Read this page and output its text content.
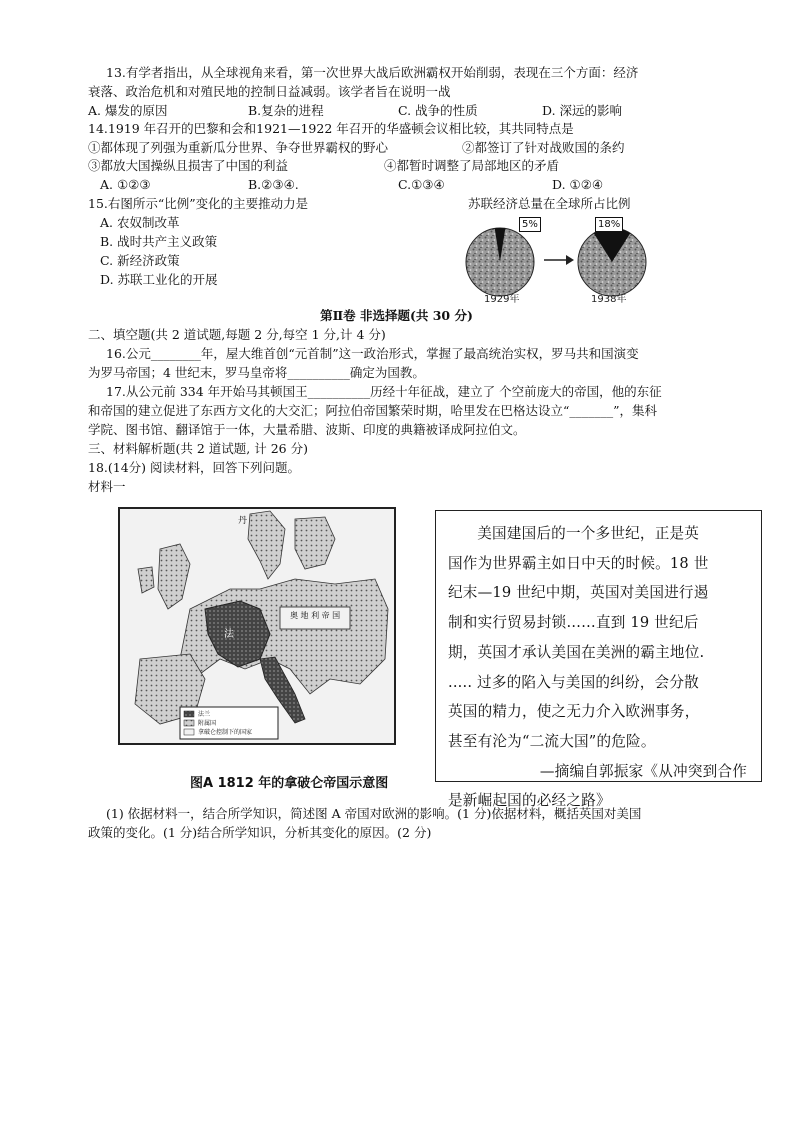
13.有学者指出，从全球视角来看，第一次世界大战后欧洲霸权开始削弱，表现在三个方面：经济
衰落、政治危机和对殖民地的控制日益减弱。该学者旨在说明一战
A. 爆发的原因	B.复杂的进程	C. 战争的性质	D. 深远的影响
14.1919 年召开的巴黎和会和1921—1922 年召开的华盛顿会议相比较，其共同特点是
①都体现了列强为重新瓜分世界、争夺世界霸权的野心	②都签订了针对战败国的条约
③都放大国操纵且损害了中国的利益	④都暂时调整了局部地区的矛盾
A. ①②③	B.②③④.	C.①③④	D. ①②④
15.右图所示“比例”变化的主要推动力是	苏联经济总量在全球所占比例
A. 农奴制改革
B. 战时共产主义政策
C. 新经济政策
D. 苏联工业化的开展
5%	18%
1929年	1938年
第Ⅱ卷 非选择题(共 30 分)
二、填空题(共 2 道试题,每题 2 分,每空 1 分,计 4 分)
16.公元________年，屋大维首创“元首制”这一政治形式，掌握了最高统治实权，罗马共和国演变
为罗马帝国；4 世纪末，罗马皇帝将__________确定为国教。
17.从公元前 334 年开始马其顿国王__________历经十年征战，建立了 个空前庞大的帝国，他的东征
和帝国的建立促进了东西方文化的大交汇；阿拉伯帝国繁荣时期，哈里发在巴格达设立“_______”，集科
学院、图书馆、翻译馆于一体，大量希腊、波斯、印度的典籍被译成阿拉伯文。
三、材料解析题(共 2 道试题, 计 26 分)
18.(14分) 阅读材料，回答下列问题。
材料一
丹
奥 地 利 帝 国
法
法兰
附属国
拿破仑控制下的国家
图A 1812 年的拿破仑帝国示意图

美国建国后的一个多世纪，正是英

国作为世界霸主如日中天的时候。18 世

纪末—19 世纪中期，英国对美国进行遏

制和实行贸易封锁……直到 19 世纪后

期，英国才承认美国在美洲的霸主地位.

..... 过多的陷入与美国的纠纷，会分散

英国的精力，使之无力介入欧洲事务，

甚至有沦为“二流大国”的危险。

—摘编自郭振家《从冲突到合作

是新崛起国的必经之路》

(1) 依据材料一，结合所学知识，简述图 A 帝国对欧洲的影响。(1 分)依据材料，概括英国对美国
政策的变化。(1 分)结合所学知识，分析其变化的原因。(2 分)
